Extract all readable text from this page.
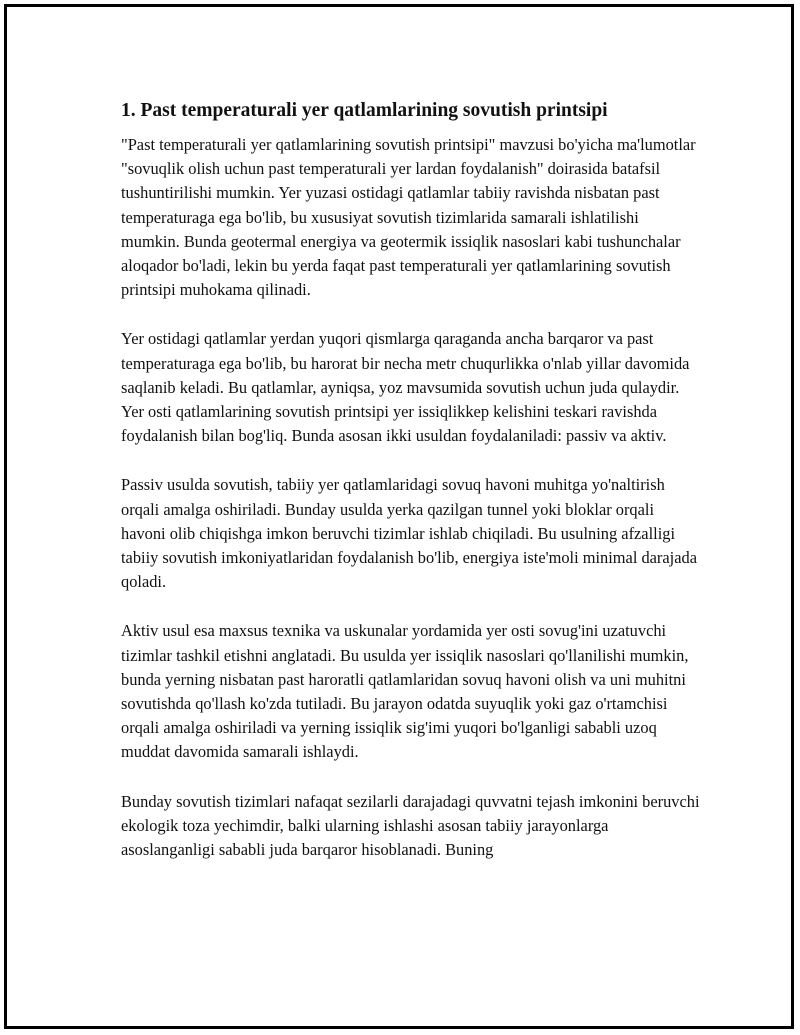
1. Past temperaturali yer qatlamlarining sovutish printsipi

"Past temperaturali yer qatlamlarining sovutish printsipi" mavzusi bo'yicha ma'lumotlar "sovuqlik olish uchun past temperaturali yer lardan foydalanish" doirasida batafsil tushuntirilishi mumkin. Yer yuzasi ostidagi qatlamlar tabiiy ravishda nisbatan past temperaturaga ega bo'lib, bu xususiyat sovutish tizimlarida samarali ishlatilishi mumkin. Bunda geotermal energiya va geotermik issiqlik nasoslari kabi tushunchalar aloqador bo'ladi, lekin bu yerda faqat past temperaturali yer qatlamlarining sovutish printsipi muhokama qilinadi.

Yer ostidagi qatlamlar yerdan yuqori qismlarga qaraganda ancha barqaror va past temperaturaga ega bo'lib, bu harorat bir necha metr chuqurlikka o'nlab yillar davomida saqlanib keladi. Bu qatlamlar, ayniqsa, yoz mavsumida sovutish uchun juda qulaydir. Yer osti qatlamlarining sovutish printsipi yer issiqlikkep kelishini teskari ravishda foydalanish bilan bog'liq. Bunda asosan ikki usuldan foydalaniladi: passiv va aktiv.

Passiv usulda sovutish, tabiiy yer qatlamlaridagi sovuq havoni muhitga yo'naltirish orqali amalga oshiriladi. Bunday usulda yerka qazilgan tunnel yoki bloklar orqali havoni olib chiqishga imkon beruvchi tizimlar ishlab chiqiladi. Bu usulning afzalligi tabiiy sovutish imkoniyatlaridan foydalanish bo'lib, energiya iste'moli minimal darajada qoladi.

Aktiv usul esa maxsus texnika va uskunalar yordamida yer osti sovug'ini uzatuvchi tizimlar tashkil etishni anglatadi. Bu usulda yer issiqlik nasoslari qo'llanilishi mumkin, bunda yerning nisbatan past haroratli qatlamlaridan sovuq havoni olish va uni muhitni sovutishda qo'llash ko'zda tutiladi. Bu jarayon odatda suyuqlik yoki gaz o'rtamchisi orqali amalga oshiriladi va yerning issiqlik sig'imi yuqori bo'lganligi sababli uzoq muddat davomida samarali ishlaydi.

Bunday sovutish tizimlari nafaqat sezilarli darajadagi quvvatni tejash imkonini beruvchi ekologik toza yechimdir, balki ularning ishlashi asosan tabiiy jarayonlarga asoslanganligi sababli juda barqaror hisoblanadi. Buning
